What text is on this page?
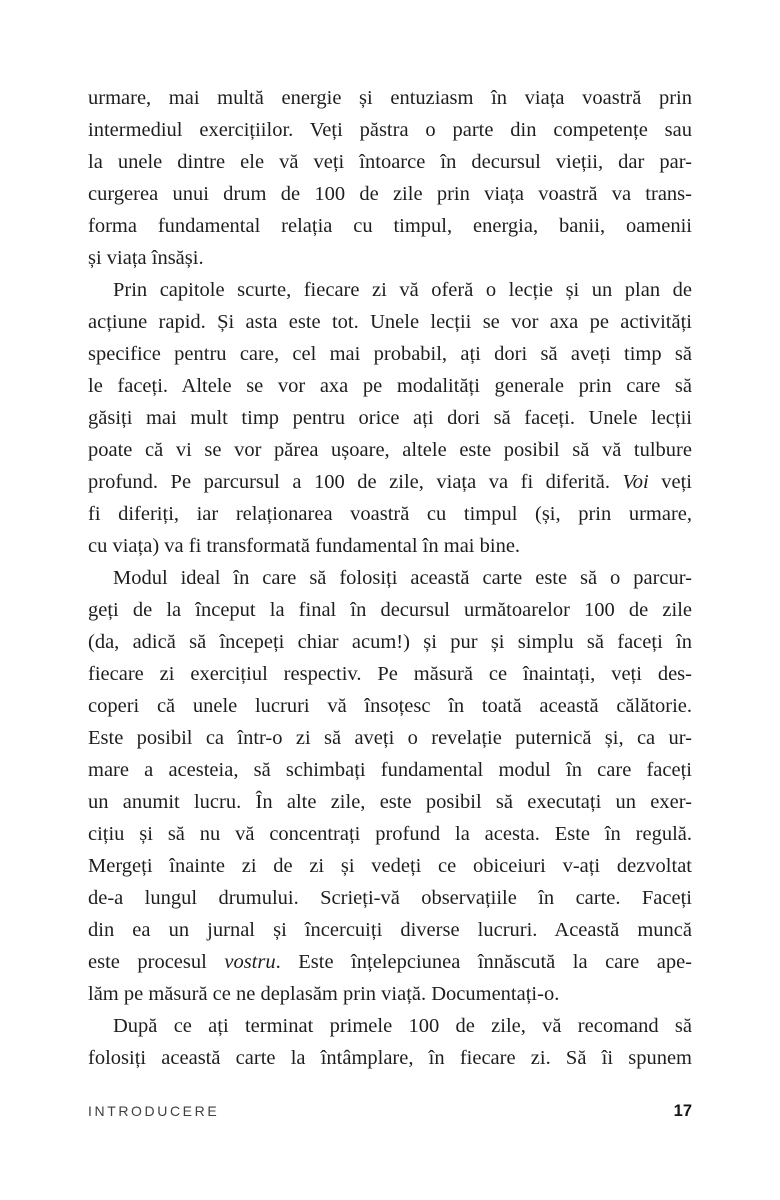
urmare, mai multă energie și entuziasm în viața voastră prin
intermediul exercițiilor. Veți păstra o parte din competențe sau
la unele dintre ele vă veți întoarce în decursul vieții, dar par-
curgerea unui drum de 100 de zile prin viața voastră va trans-
forma fundamental relația cu timpul, energia, banii, oamenii
și viața însăși.
Prin capitole scurte, fiecare zi vă oferă o lecție și un plan de
acțiune rapid. Și asta este tot. Unele lecții se vor axa pe activități
specifice pentru care, cel mai probabil, ați dori să aveți timp să
le faceți. Altele se vor axa pe modalități generale prin care să
găsiți mai mult timp pentru orice ați dori să faceți. Unele lecții
poate că vi se vor părea ușoare, altele este posibil să vă tulbure
profund. Pe parcursul a 100 de zile, viața va fi diferită. Voi veți
fi diferiți, iar relaționarea voastră cu timpul (și, prin urmare,
cu viața) va fi transformată fundamental în mai bine.
Modul ideal în care să folosiți această carte este să o parcur-
geți de la început la final în decursul următoarelor 100 de zile
(da, adică să începeți chiar acum!) și pur și simplu să faceți în
fiecare zi exercițiul respectiv. Pe măsură ce înaintați, veți des-
coperi că unele lucruri vă însoțesc în toată această călătorie.
Este posibil ca într-o zi să aveți o revelație puternică și, ca ur-
mare a acesteia, să schimbați fundamental modul în care faceți
un anumit lucru. În alte zile, este posibil să executați un exer-
cițiu și să nu vă concentrați profund la acesta. Este în regulă.
Mergeți înainte zi de zi și vedeți ce obiceiuri v-ați dezvoltat
de-a lungul drumului. Scrieți-vă observațiile în carte. Faceți
din ea un jurnal și încercuiți diverse lucruri. Această muncă
este procesul vostru. Este înțelepciunea înnăscută la care ape-
lăm pe măsură ce ne deplasăm prin viață. Documentați-o.
După ce ați terminat primele 100 de zile, vă recomand să
folosiți această carte la întâmplare, în fiecare zi. Să îi spunem
INTRODUCERE	17
